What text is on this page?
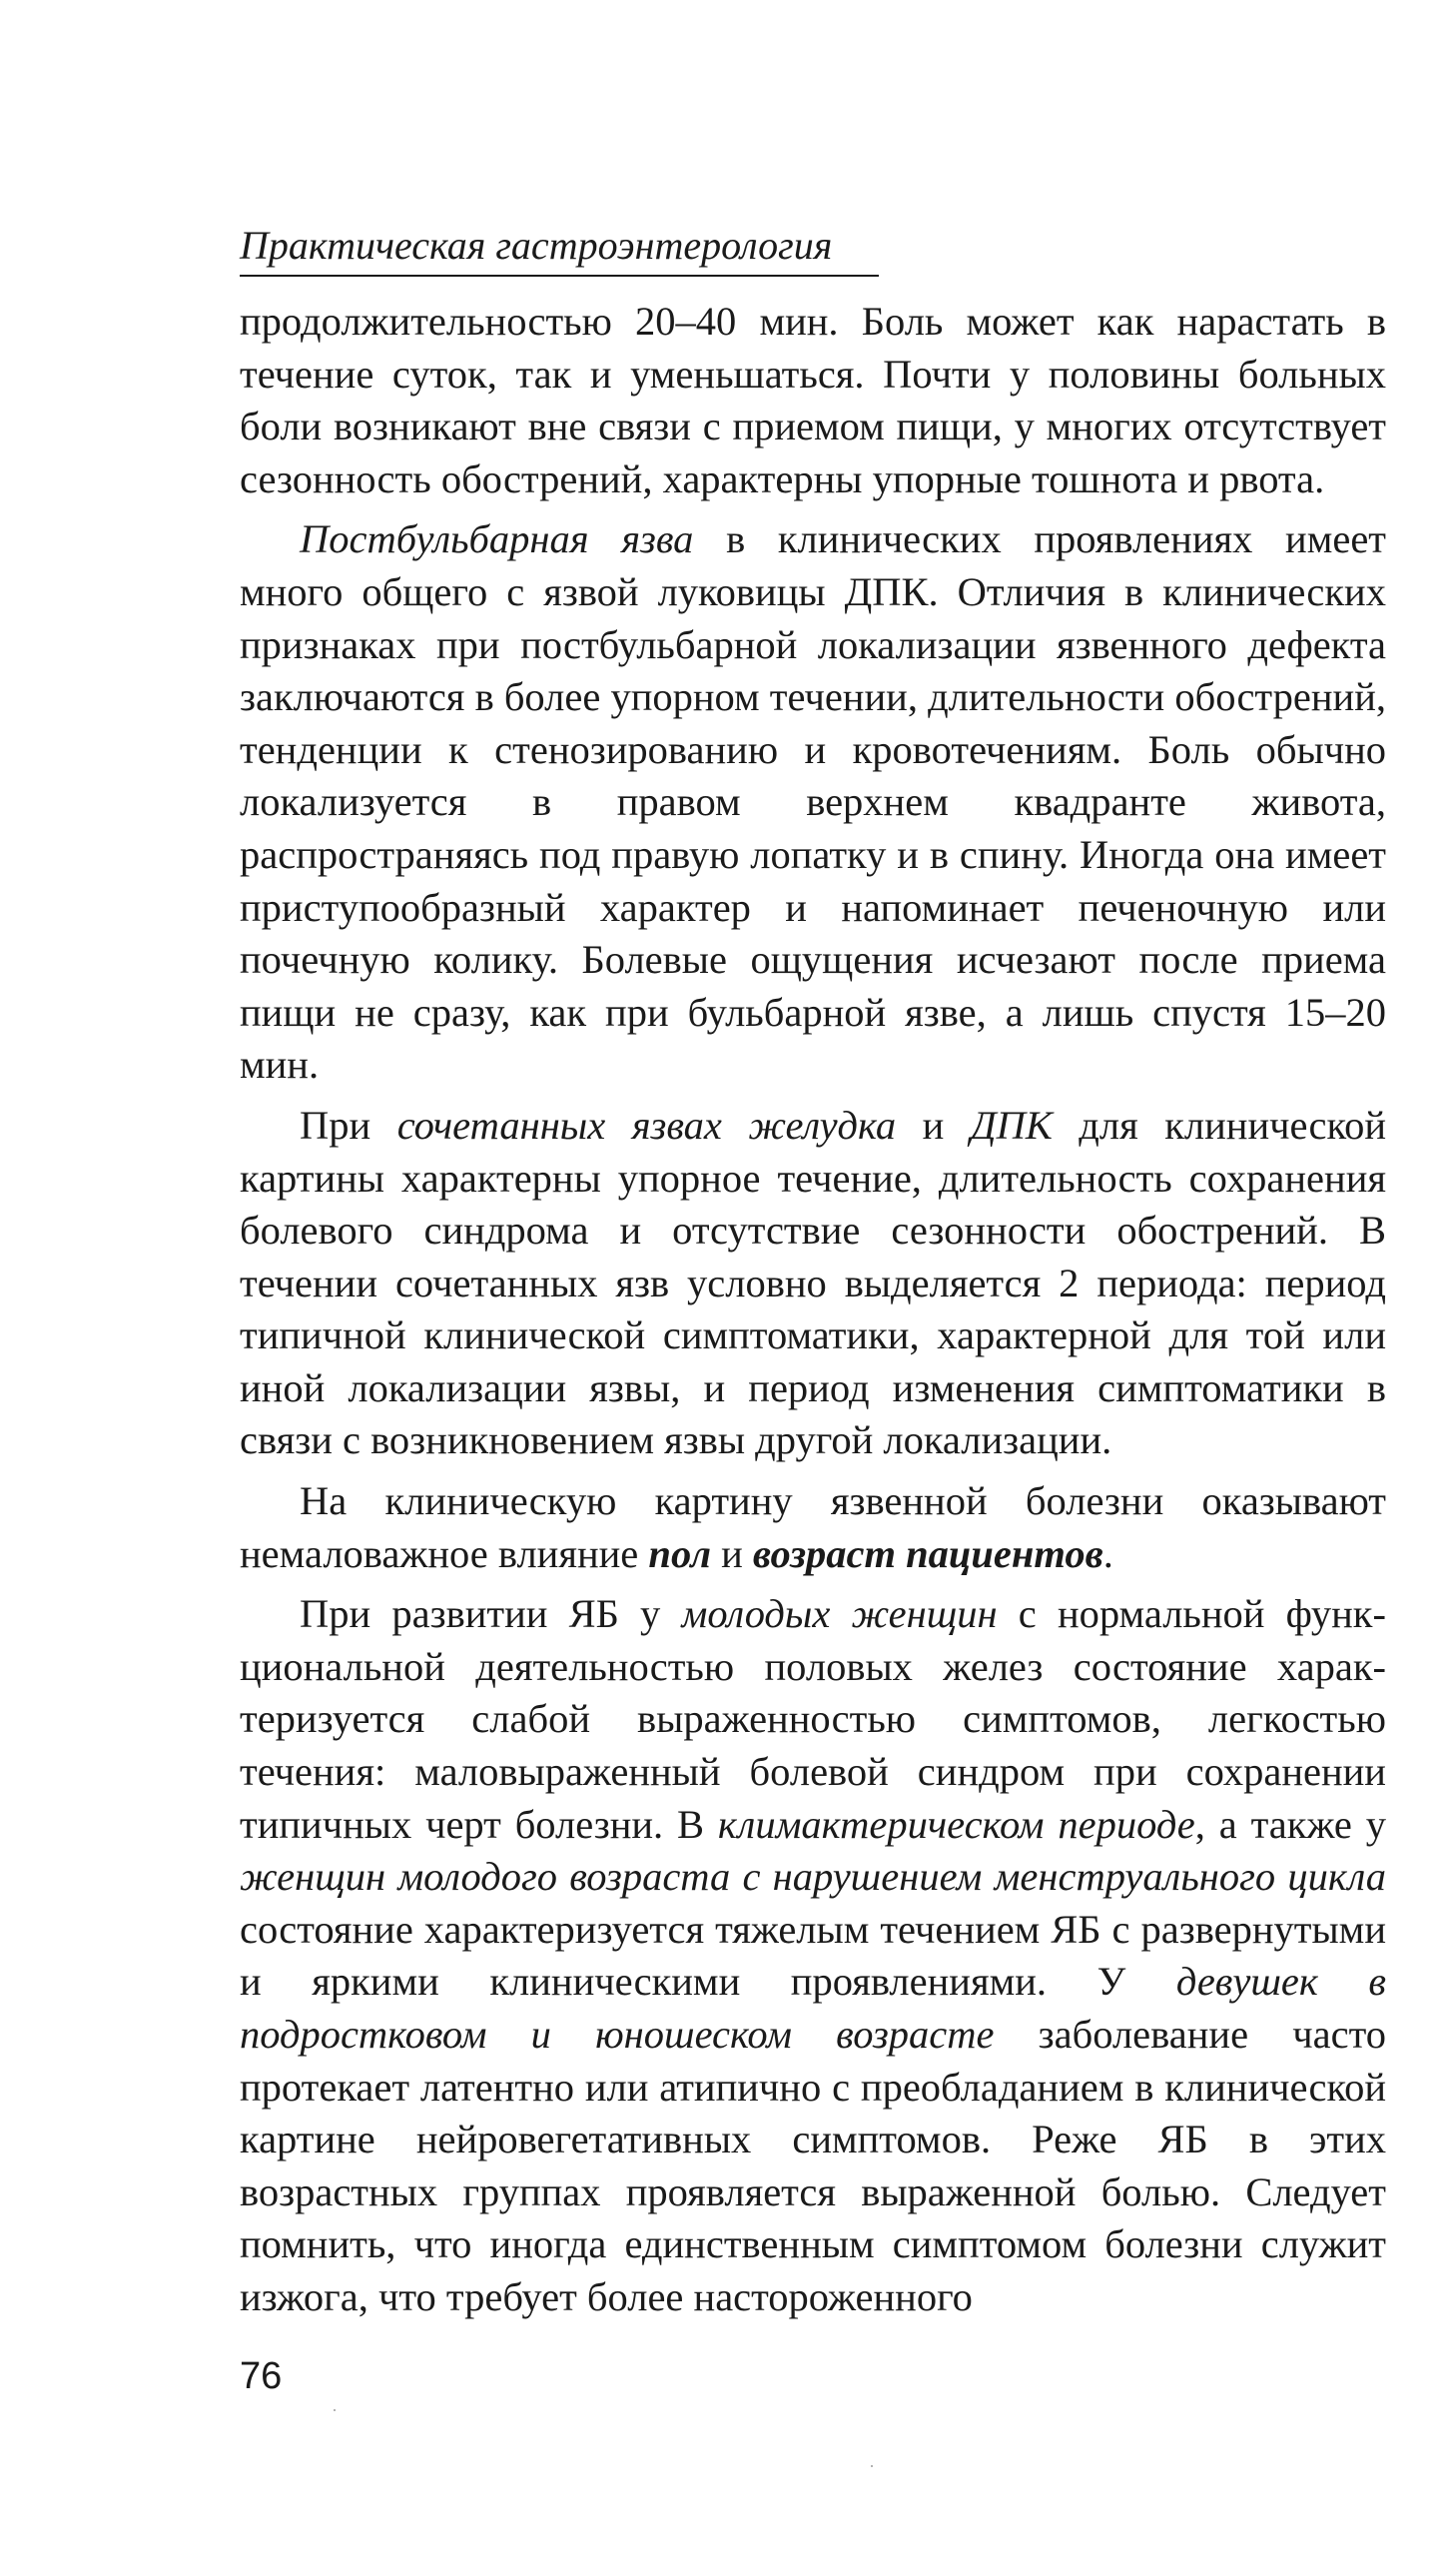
Практическая гастроэнтерология

продолжительностью 20–40 мин. Боль может как нарастать в течение суток, так и уменьшаться. Почти у половины больных боли возникают вне связи с приемом пищи, у многих отсутствует сезонность обострений, характерны упорные тошнота и рвота.

Постбульбарная язва в клинических проявлениях имеет много общего с язвой луковицы ДПК. Отличия в клинических признаках при постбульбарной локализации язвенного дефекта заключаются в более упорном течении, длительности обострений, тенденции к стенозированию и кровотечениям. Боль обычно локализуется в правом верхнем квадранте живота, распространяясь под правую лопатку и в спину. Иногда она имеет приступообразный характер и напоминает печеночную или почечную колику. Болевые ощущения исчезают после приема пищи не сразу, как при бульбарной язве, а лишь спустя 15–20 мин.

При сочетанных язвах желудка и ДПК для клинической картины характерны упорное течение, длительность сохранения болевого синдрома и отсутствие сезонности обострений. В течении сочетанных язв условно выделяется 2 периода: период типичной клинической симптоматики, характерной для той или иной локализации язвы, и период изменения симптоматики в связи с возникновением язвы другой локализации.

На клиническую картину язвенной болезни оказывают немаловажное влияние пол и возраст пациентов.

При развитии ЯБ у молодых женщин с нормальной функциональной деятельностью половых желез состояние характеризуется слабой выраженностью симптомов, легкостью течения: маловыраженный болевой синдром при сохранении типичных черт болезни. В климактерическом периоде, а также у женщин молодого возраста с нарушением менструального цикла состояние характеризуется тяжелым течением ЯБ с развернутыми и яркими клиническими проявлениями. У девушек в подростковом и юношеском возрасте заболевание часто протекает латентно или атипично с преобладанием в клинической картине нейровегетативных симптомов. Реже ЯБ в этих возрастных группах проявляется выраженной болью. Следует помнить, что иногда единственным симптомом болезни служит изжога, что требует более настороженного

76
